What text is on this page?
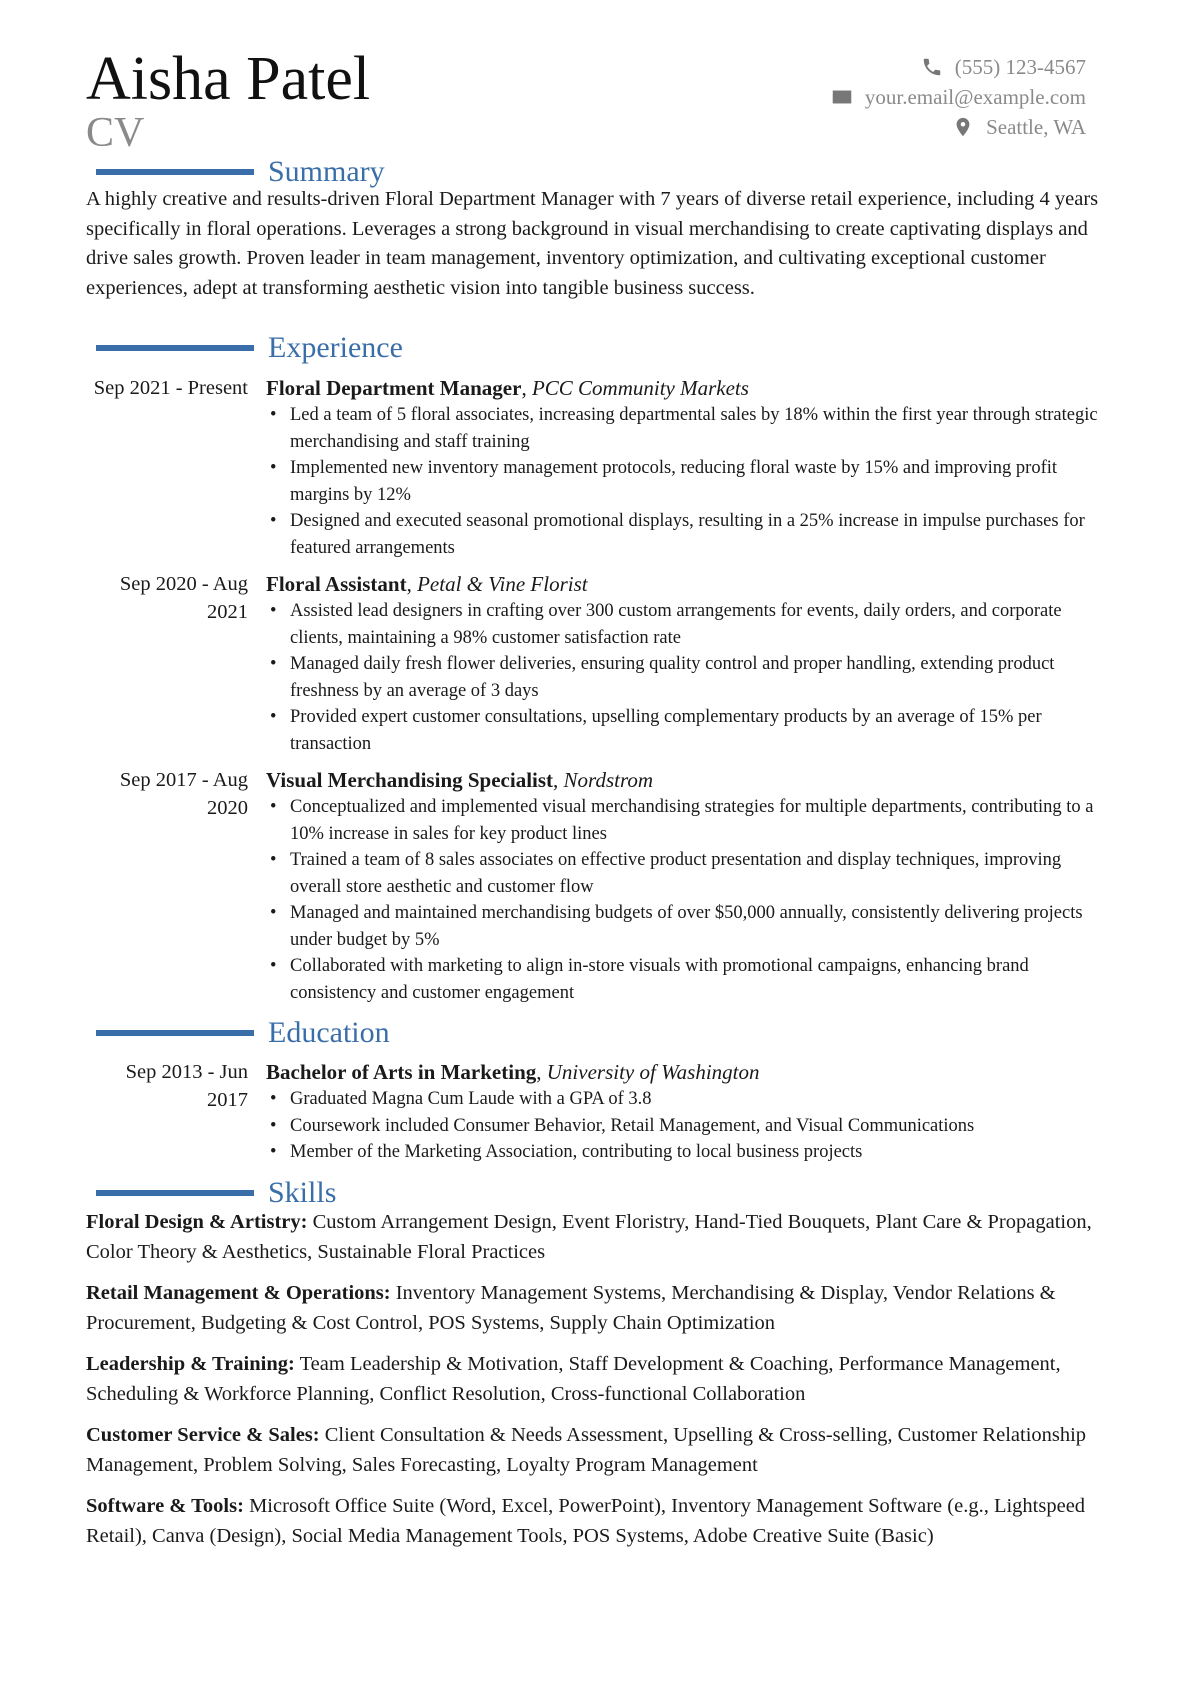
Aisha Patel
CV
(555) 123-4567
your.email@example.com
Seattle, WA
Summary

A highly creative and results-driven Floral Department Manager with 7 years of diverse retail experience, including 4 years specifically in floral operations. Leverages a strong background in visual merchandising to create captivating displays and drive sales growth. Proven leader in team management, inventory optimization, and cultivating exceptional customer experiences, adept at transforming aesthetic vision into tangible business success.

Experience
Sep 2021 - Present Floral Department Manager, PCC Community Markets
• Led a team of 5 floral associates, increasing departmental sales by 18% within the first year through strategic merchandising and staff training
• Implemented new inventory management protocols, reducing floral waste by 15% and improving profit margins by 12%
• Designed and executed seasonal promotional displays, resulting in a 25% increase in impulse purchases for featured arrangements
Sep 2020 - Aug 2021
Floral Assistant, Petal & Vine Florist
• Assisted lead designers in crafting over 300 custom arrangements for events, daily orders, and corporate clients, maintaining a 98% customer satisfaction rate
• Managed daily fresh flower deliveries, ensuring quality control and proper handling, extending product freshness by an average of 3 days
• Provided expert customer consultations, upselling complementary products by an average of 15% per transaction
Sep 2017 - Aug 2020
Visual Merchandising Specialist, Nordstrom
• Conceptualized and implemented visual merchandising strategies for multiple departments, contributing to a 10% increase in sales for key product lines
• Trained a team of 8 sales associates on effective product presentation and display techniques, improving overall store aesthetic and customer flow
• Managed and maintained merchandising budgets of over $50,000 annually, consistently delivering projects under budget by 5%
• Collaborated with marketing to align in-store visuals with promotional campaigns, enhancing brand consistency and customer engagement
Education
Sep 2013 - Jun 2017
Bachelor of Arts in Marketing, University of Washington
• Graduated Magna Cum Laude with a GPA of 3.8
• Coursework included Consumer Behavior, Retail Management, and Visual Communications
• Member of the Marketing Association, contributing to local business projects
Skills

Floral Design & Artistry: Custom Arrangement Design, Event Floristry, Hand-Tied Bouquets, Plant Care & Propagation, Color Theory & Aesthetics, Sustainable Floral Practices

Retail Management & Operations: Inventory Management Systems, Merchandising & Display, Vendor Relations & Procurement, Budgeting & Cost Control, POS Systems, Supply Chain Optimization

Leadership & Training: Team Leadership & Motivation, Staff Development & Coaching, Performance Management, Scheduling & Workforce Planning, Conflict Resolution, Cross-functional Collaboration

Customer Service & Sales: Client Consultation & Needs Assessment, Upselling & Cross-selling, Customer Relationship Management, Problem Solving, Sales Forecasting, Loyalty Program Management

Software & Tools: Microsoft Office Suite (Word, Excel, PowerPoint), Inventory Management Software (e.g., Lightspeed Retail), Canva (Design), Social Media Management Tools, POS Systems, Adobe Creative Suite (Basic)
